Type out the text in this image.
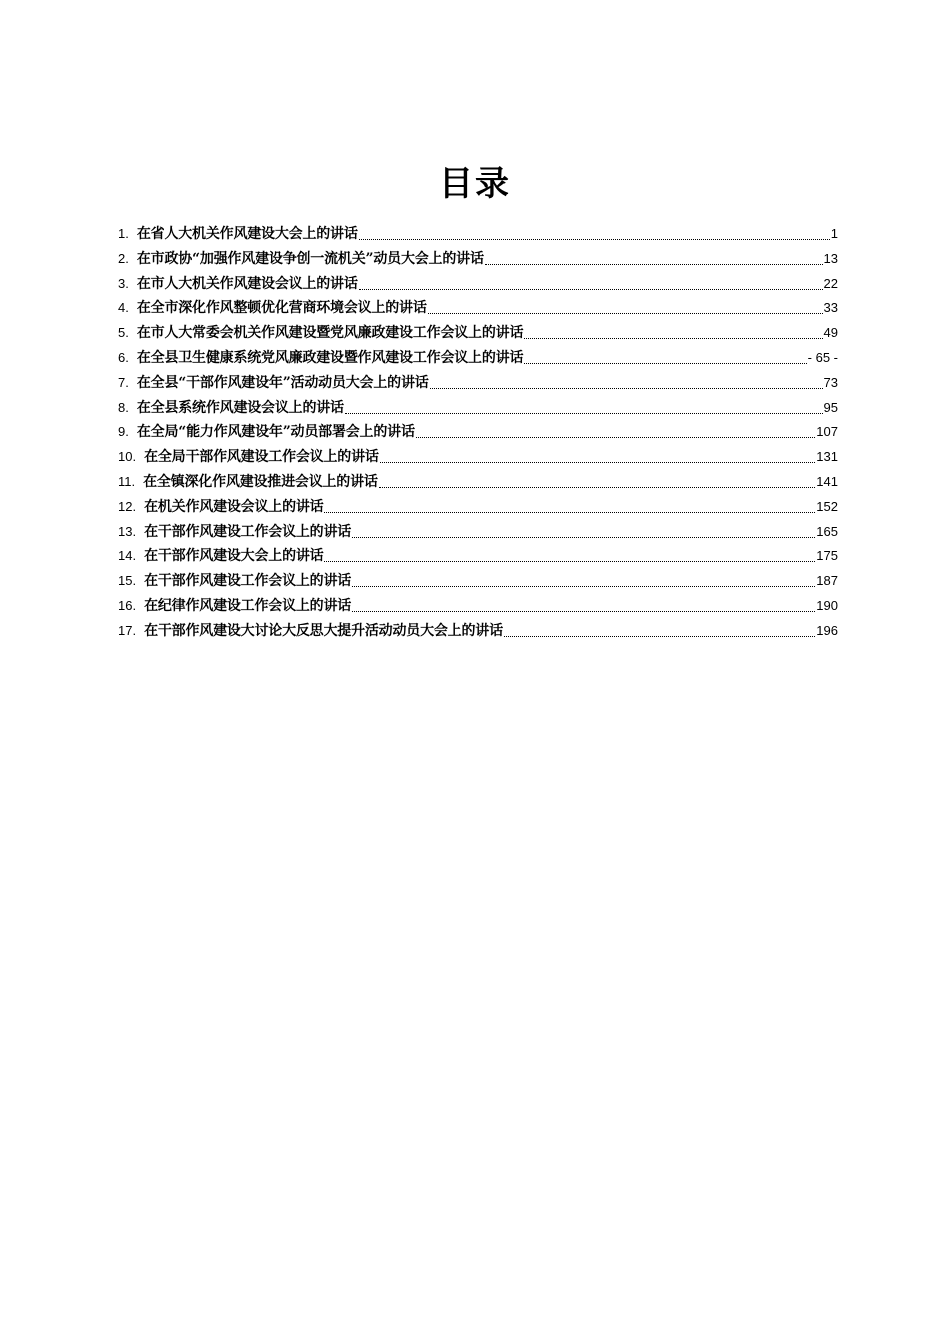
目录
1. 在省人大机关作风建设大会上的讲话	1
2. 在市政协“加强作风建设争创一流机关”动员大会上的讲话	13
3. 在市人大机关作风建设会议上的讲话	22
4. 在全市深化作风整顿优化营商环境会议上的讲话	33
5. 在市人大常委会机关作风建设暨党风廉政建设工作会议上的讲话	49
6. 在全县卫生健康系统党风廉政建设暨作风建设工作会议上的讲话	- 65 -
7. 在全县“干部作风建设年”活动动员大会上的讲话	73
8. 在全县系统作风建设会议上的讲话	95
9. 在全局“能力作风建设年”动员部署会上的讲话	107
10. 在全局干部作风建设工作会议上的讲话	131
11. 在全镇深化作风建设推进会议上的讲话	141
12. 在机关作风建设会议上的讲话	152
13. 在干部作风建设工作会议上的讲话	165
14. 在干部作风建设大会上的讲话	175
15. 在干部作风建设工作会议上的讲话	187
16. 在纪律作风建设工作会议上的讲话	190
17. 在干部作风建设大讨论大反思大提升活动动员大会上的讲话	196
